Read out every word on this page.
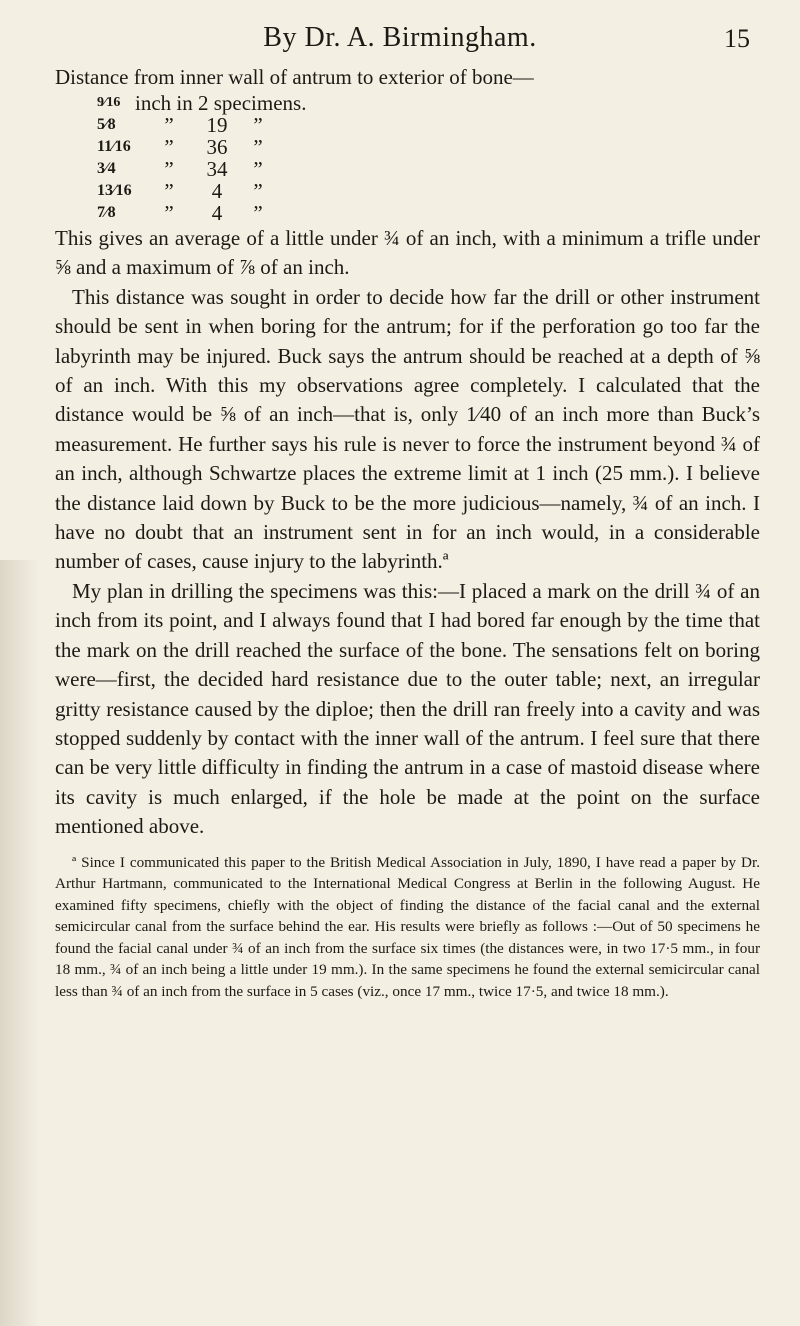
By Dr. A. Birmingham.	15

Distance from inner wall of antrum to exterior of bone—

9⁄16 inch in 2 specimens.
5⁄8	”	19	”
11⁄16	”	36	”
3⁄4	”	34	”
13⁄16	”	4	”
7⁄8	”	4	”

This gives an average of a little under ¾ of an inch, with a minimum a trifle under ⅝ and a maximum of ⅞ of an inch.

This distance was sought in order to decide how far the drill or other instrument should be sent in when boring for the antrum; for if the perforation go too far the labyrinth may be injured. Buck says the antrum should be reached at a depth of ⅝ of an inch. With this my observations agree completely. I calculated that the distance would be ⅝ of an inch—that is, only 1⁄40 of an inch more than Buck’s measurement. He further says his rule is never to force the instrument beyond ¾ of an inch, although Schwartze places the extreme limit at 1 inch (25 mm.). I believe the distance laid down by Buck to be the more judicious—namely, ¾ of an inch. I have no doubt that an instrument sent in for an inch would, in a considerable number of cases, cause injury to the labyrinth.ª

My plan in drilling the specimens was this:—I placed a mark on the drill ¾ of an inch from its point, and I always found that I had bored far enough by the time that the mark on the drill reached the surface of the bone. The sensations felt on boring were—first, the decided hard resistance due to the outer table; next, an irregular gritty resistance caused by the diploe; then the drill ran freely into a cavity and was stopped suddenly by contact with the inner wall of the antrum. I feel sure that there can be very little difficulty in finding the antrum in a case of mastoid disease where its cavity is much enlarged, if the hole be made at the point on the surface mentioned above.

ª Since I communicated this paper to the British Medical Association in July, 1890, I have read a paper by Dr. Arthur Hartmann, communicated to the International Medical Congress at Berlin in the following August. He examined fifty specimens, chiefly with the object of finding the distance of the facial canal and the external semicircular canal from the surface behind the ear. His results were briefly as follows :—Out of 50 specimens he found the facial canal under ¾ of an inch from the surface six times (the distances were, in two 17·5 mm., in four 18 mm., ¾ of an inch being a little under 19 mm.). In the same specimens he found the external semicircular canal less than ¾ of an inch from the surface in 5 cases (viz., once 17 mm., twice 17·5, and twice 18 mm.).
